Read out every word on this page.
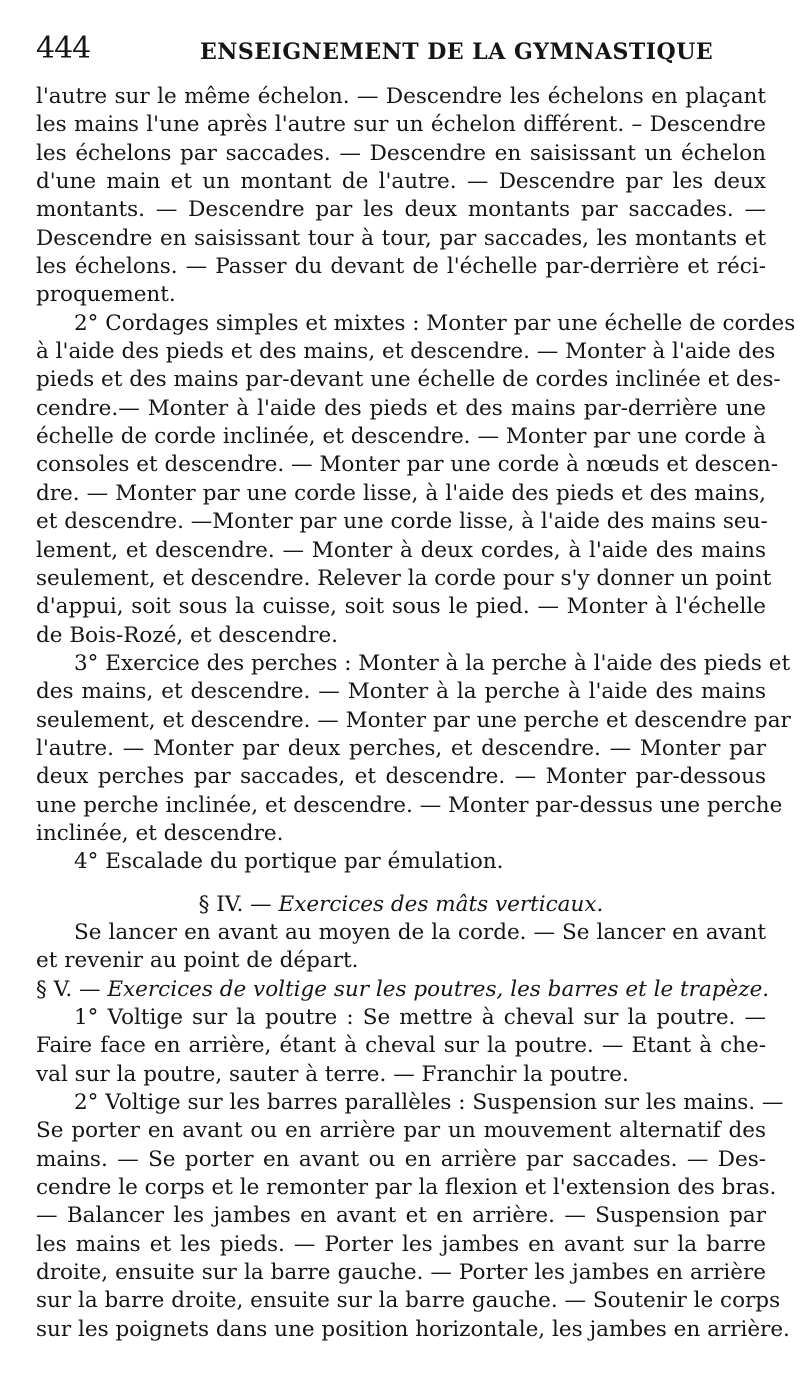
444	ENSEIGNEMENT DE LA GYMNASTIQUE
l'autre sur le même échelon. — Descendre les échelons en plaçant
les mains l'une après l'autre sur un échelon différent. – Descendre
les échelons par saccades. — Descendre en saisissant un échelon
d'une main et un montant de l'autre. — Descendre par les deux
montants. — Descendre par les deux montants par saccades. —
Descendre en saisissant tour à tour, par saccades, les montants et
les échelons. — Passer du devant de l'échelle par-derrière et réci-
proquement.
2° Cordages simples et mixtes : Monter par une échelle de cordes
à l'aide des pieds et des mains, et descendre. — Monter à l'aide des
pieds et des mains par-devant une échelle de cordes inclinée et des-
cendre.— Monter à l'aide des pieds et des mains par-derrière une
échelle de corde inclinée, et descendre. — Monter par une corde à
consoles et descendre. — Monter par une corde à nœuds et descen-
dre. — Monter par une corde lisse, à l'aide des pieds et des mains,
et descendre. —Monter par une corde lisse, à l'aide des mains seu-
lement, et descendre. — Monter à deux cordes, à l'aide des mains
seulement, et descendre. Relever la corde pour s'y donner un point
d'appui, soit sous la cuisse, soit sous le pied. — Monter à l'échelle
de Bois-Rozé, et descendre.
3° Exercice des perches : Monter à la perche à l'aide des pieds et
des mains, et descendre. — Monter à la perche à l'aide des mains
seulement, et descendre. — Monter par une perche et descendre par
l'autre. — Monter par deux perches, et descendre. — Monter par
deux perches par saccades, et descendre. — Monter par-dessous
une perche inclinée, et descendre. — Monter par-dessus une perche
inclinée, et descendre.
4° Escalade du portique par émulation.
§ IV. — Exercices des mâts verticaux.
Se lancer en avant au moyen de la corde. — Se lancer en avant
et revenir au point de départ.
§ V. — Exercices de voltige sur les poutres, les barres et le trapèze.
1° Voltige sur la poutre : Se mettre à cheval sur la poutre. —
Faire face en arrière, étant à cheval sur la poutre. — Etant à che-
val sur la poutre, sauter à terre. — Franchir la poutre.
2° Voltige sur les barres parallèles : Suspension sur les mains. —
Se porter en avant ou en arrière par un mouvement alternatif des
mains. — Se porter en avant ou en arrière par saccades. — Des-
cendre le corps et le remonter par la flexion et l'extension des bras.
— Balancer les jambes en avant et en arrière. — Suspension par
les mains et les pieds. — Porter les jambes en avant sur la barre
droite, ensuite sur la barre gauche. — Porter les jambes en arrière
sur la barre droite, ensuite sur la barre gauche. — Soutenir le corps
sur les poignets dans une position horizontale, les jambes en arrière.
